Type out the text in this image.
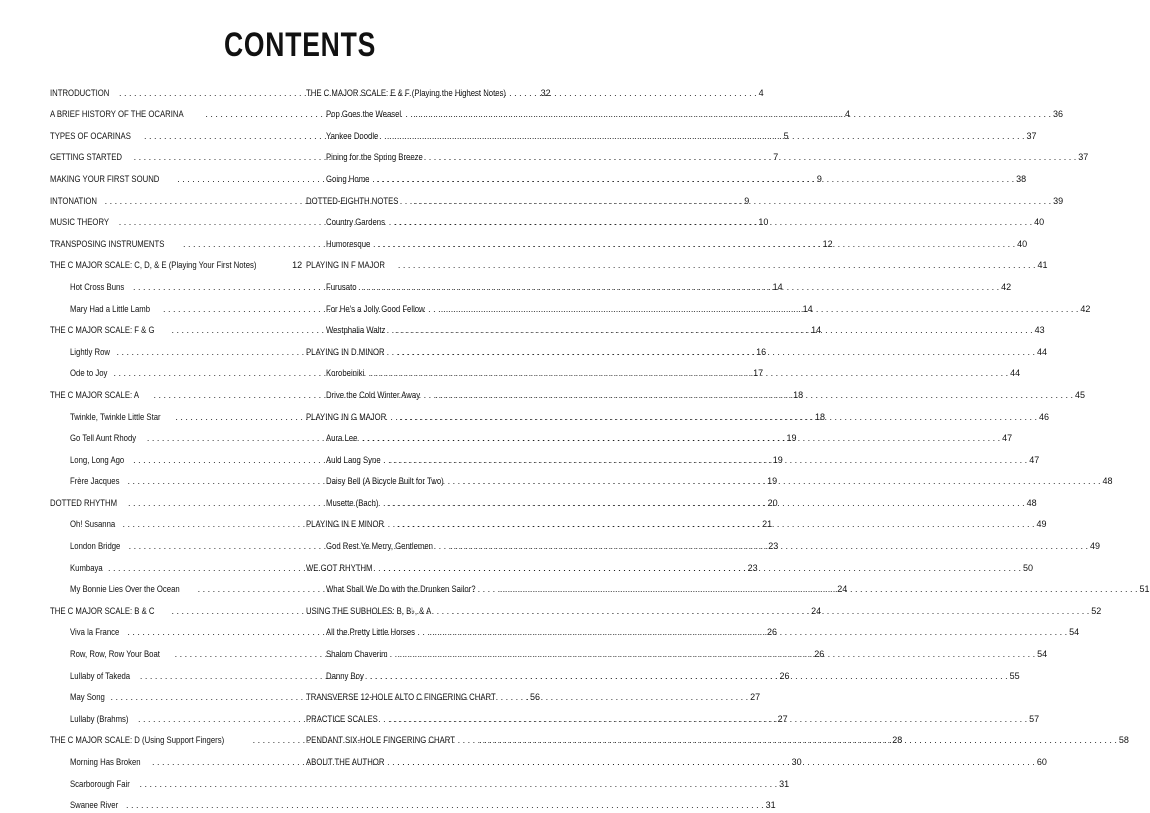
CONTENTS
INTRODUCTION . . .	4
A BRIEF HISTORY OF THE OCARINA . . .	4
TYPES OF OCARINAS . . .	5
GETTING STARTED . . .	7
MAKING YOUR FIRST SOUND . . .	9
INTONATION . . .	9
MUSIC THEORY . . .	10
TRANSPOSING INSTRUMENTS . . .	12
THE C MAJOR SCALE: C, D, & E (Playing Your First Notes)	12
Hot Cross Buns . . .	14
Mary Had a Little Lamb . . .	14
THE C MAJOR SCALE: F & G . . .	14
Lightly Row . . .	16
Ode to Joy . . .	17
THE C MAJOR SCALE: A . . .	18
Twinkle, Twinkle Little Star . . .	18
Go Tell Aunt Rhody . . .	19
Long, Long Ago . . .	19
Frère Jacques . . .	19
DOTTED RHYTHM . . .	20
Oh! Susanna . . .	21
London Bridge . . .	23
Kumbaya . . .	23
My Bonnie Lies Over the Ocean . . .	24
THE C MAJOR SCALE: B & C . . .	24
Viva la France . . .	26
Row, Row, Row Your Boat . . .	26
Lullaby of Takeda . . .	26
May Song . . .	27
Lullaby (Brahms) . . .	27
THE C MAJOR SCALE: D (Using Support Fingers) . . .	28
Morning Has Broken . . .	30
Scarborough Fair . . .	31
Swanee River . . .	31
THE C MAJOR SCALE: E & F (Playing the Highest Notes)	32
Pop Goes the Weasel . . .	36
Yankee Doodle . . .	37
Pining for the Spring Breeze . . .	37
Going Home . . .	38
DOTTED-EIGHTH NOTES . . .	39
Country Gardens . . .	40
Humoresque . . .	40
PLAYING IN F MAJOR . . .	41
Furusato . . .	42
For He's a Jolly Good Fellow . . .	42
Westphalia Waltz . . .	43
PLAYING IN D MINOR . . .	44
Korobeiniki . . .	44
Drive the Cold Winter Away . . .	45
PLAYING IN G MAJOR . . .	46
Aura Lee . . .	47
Auld Lang Syne . . .	47
Daisy Bell (A Bicycle Built for Two) . . .	48
Musette (Bach) . . .	48
PLAYING IN E MINOR . . .	49
God Rest Ye Merry, Gentlemen . . .	49
WE GOT RHYTHM . . .	50
What Shall We Do with the Drunken Sailor? . . .	51
USING THE SUBHOLES: B, B♭, & A . . .	52
All the Pretty Little Horses . . .	54
Shalom Chaverim . . .	54
Danny Boy . . .	55
TRANSVERSE 12-HOLE ALTO C FINGERING CHART . . .	56
PRACTICE SCALES . . .	57
PENDANT SIX-HOLE FINGERING CHART . . .	58
ABOUT THE AUTHOR . . .	60
